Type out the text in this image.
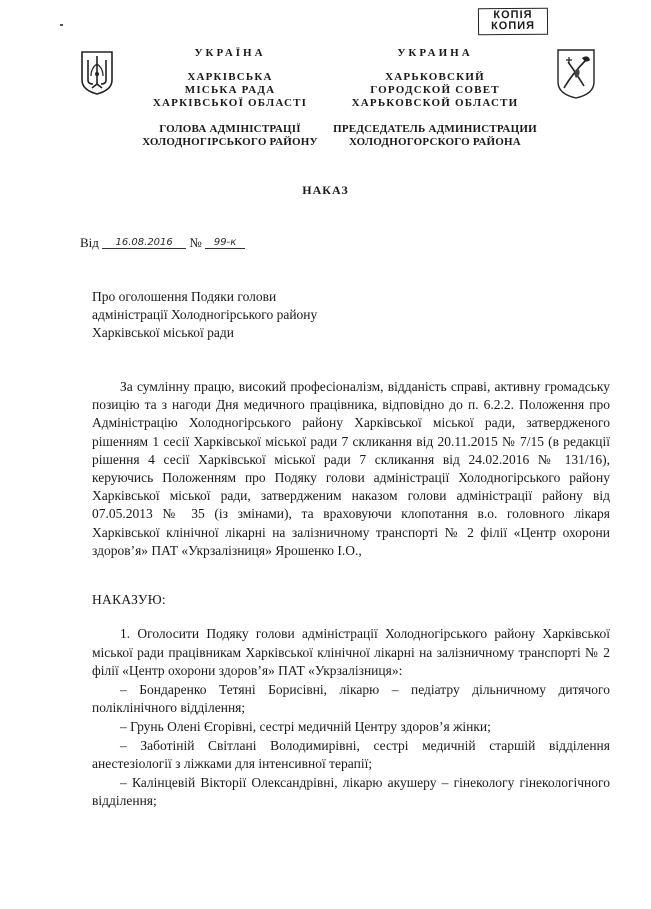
КОПІЯ
КОПИЯ
УКРАЇНА
ХАРКІВСЬКА
МІСЬКА РАДА
ХАРКІВСЬКОЇ ОБЛАСТІ
ГОЛОВА АДМІНІСТРАЦІЇ
ХОЛОДНОГІРСЬКОГО РАЙОНУ
УКРАИНА
ХАРЬКОВСКИЙ
ГОРОДСКОЙ СОВЕТ
ХАРЬКОВСКОЙ ОБЛАСТИ
ПРЕДСЕДАТЕЛЬ АДМИНИСТРАЦИИ
ХОЛОДНОГОРСКОГО РАЙОНА
НАКАЗ
Від 16.08.2016 № 99-к
Про оголошення Подяки голови
адміністрації Холодногірського району
Харківської міської ради

За сумлінну працю, високий професіоналізм, відданість справі, активну громадську позицію та з нагоди Дня медичного працівника, відповідно до п. 6.2.2. Положення про Адміністрацію Холодногірського району Харківської міської ради, затвердженого рішенням 1 сесії Харківської міської ради 7 скликання від 20.11.2015 № 7/15 (в редакції рішення 4 сесії Харківської міської ради 7 скликання від 24.02.2016 № 131/16), керуючись Положенням про Подяку голови адміністрації Холодногірського району Харківської міської ради, затвердженим наказом голови адміністрації району від 07.05.2013 № 35 (із змінами), та враховуючи клопотання в.о. головного лікаря Харківської клінічної лікарні на залізничному транспорті № 2 філії «Центр охорони здоров’я» ПАТ «Укрзалізниця» Ярошенко І.О.,

НАКАЗУЮ:

1. Оголосити Подяку голови адміністрації Холодногірського району Харківської міської ради працівникам Харківської клінічної лікарні на залізничному транспорті № 2 філії «Центр охорони здоров’я» ПАТ «Укрзалізниця»:

– Бондаренко Тетяні Борисівні, лікарю – педіатру дільничному дитячого поліклінічного відділення;

– Грунь Олені Єгорівні, сестрі медичній Центру здоров’я жінки;

– Заботіній Світлані Володимирівні, сестрі медичній старшій відділення анестезіології з ліжками для інтенсивної терапії;

– Калінцевій Вікторії Олександрівні, лікарю акушеру – гінекологу гінекологічного відділення;
